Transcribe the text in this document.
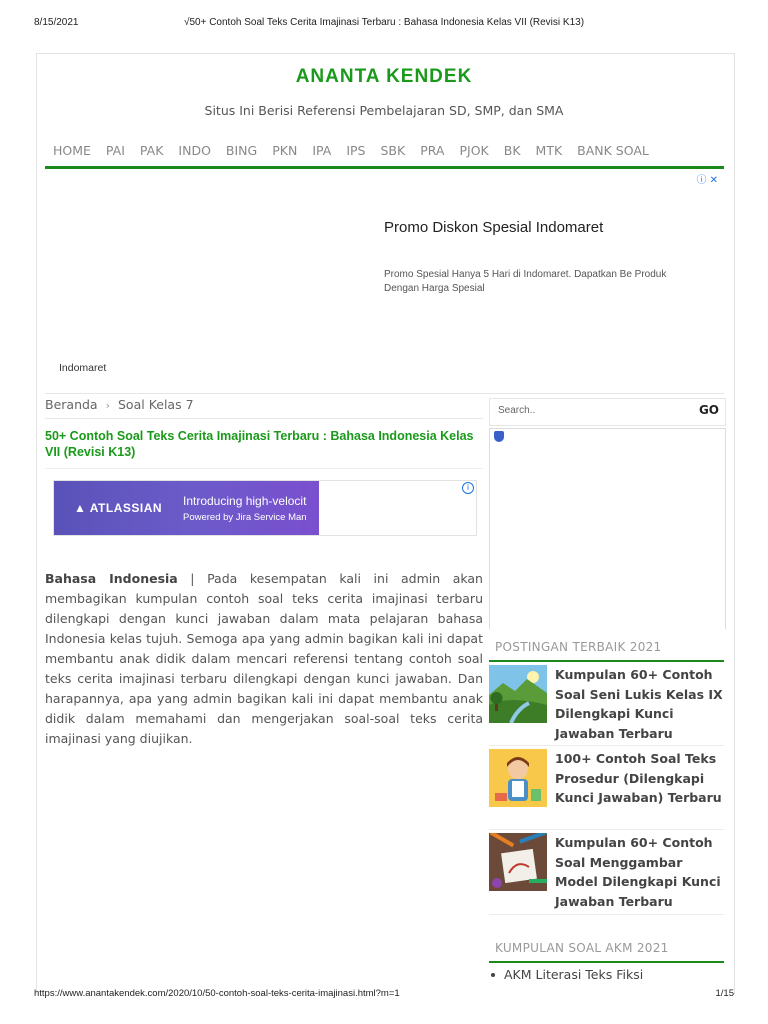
8/15/2021	√50+ Contoh Soal Teks Cerita Imajinasi Terbaru : Bahasa Indonesia Kelas VII (Revisi K13)
ANANTA KENDEK
Situs Ini Berisi Referensi Pembelajaran SD, SMP, dan SMA
HOME PAI PAK INDO BING PKN IPA IPS SBK PRA PJOK BK MTK BANK SOAL
ⓘ ✕
Promo Diskon Spesial Indomaret
Promo Spesial Hanya 5 Hari di Indomaret. Dapatkan Be Produk Dengan Harga Spesial
Indomaret
Beranda › Soal Kelas 7
50+ Contoh Soal Teks Cerita Imajinasi Terbaru : Bahasa Indonesia Kelas VII (Revisi K13)
▲ ATLASSIAN Introducing high-velocit
Powered by Jira Service Man
i
Bahasa Indonesia | Pada kesempatan kali ini admin akan membagikan kumpulan contoh soal teks cerita imajinasi terbaru dilengkapi dengan kunci jawaban dalam mata pelajaran bahasa Indonesia kelas tujuh. Semoga apa yang admin bagikan kali ini dapat membantu anak didik dalam mencari referensi tentang contoh soal teks cerita imajinasi terbaru dilengkapi dengan kunci jawaban. Dan harapannya, apa yang admin bagikan kali ini dapat membantu anak didik dalam memahami dan mengerjakan soal-soal teks cerita imajinasi yang diujikan.
Search..	GO
POSTINGAN TERBAIK 2021
Kumpulan 60+ Contoh Soal Seni Lukis Kelas IX Dilengkapi Kunci Jawaban Terbaru
100+ Contoh Soal Teks Prosedur (Dilengkapi Kunci Jawaban) Terbaru
Kumpulan 60+ Contoh Soal Menggambar Model Dilengkapi Kunci Jawaban Terbaru
KUMPULAN SOAL AKM 2021
AKM Literasi Teks Fiksi
https://www.anantakendek.com/2020/10/50-contoh-soal-teks-cerita-imajinasi.html?m=1	1/15
